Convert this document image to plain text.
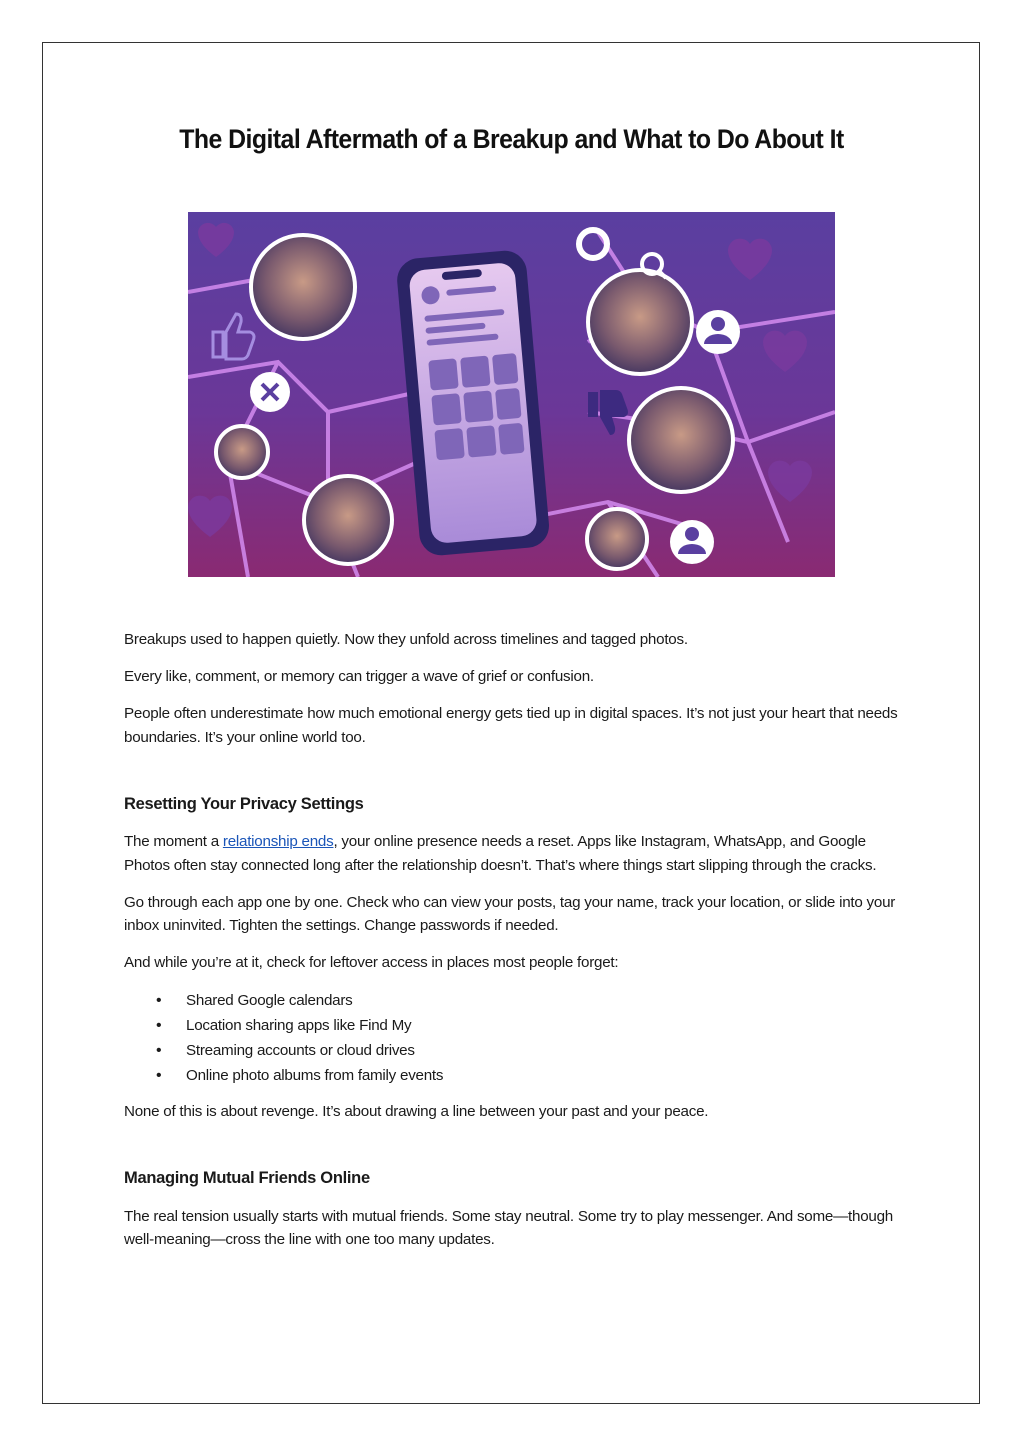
The Digital Aftermath of a Breakup and What to Do About It

Breakups used to happen quietly. Now they unfold across timelines and tagged photos.

Every like, comment, or memory can trigger a wave of grief or confusion.

People often underestimate how much emotional energy gets tied up in digital spaces. It’s not just your heart that needs boundaries. It’s your online world too.

Resetting Your Privacy Settings

The moment a relationship ends, your online presence needs a reset. Apps like Instagram, WhatsApp, and Google Photos often stay connected long after the relationship doesn’t. That’s where things start slipping through the cracks.

Go through each app one by one. Check who can view your posts, tag your name, track your location, or slide into your inbox uninvited. Tighten the settings. Change passwords if needed.

And while you’re at it, check for leftover access in places most people forget:

• Shared Google calendars
• Location sharing apps like Find My
• Streaming accounts or cloud drives
• Online photo albums from family events

None of this is about revenge. It’s about drawing a line between your past and your peace.

Managing Mutual Friends Online

The real tension usually starts with mutual friends. Some stay neutral. Some try to play messenger. And some—though well-meaning—cross the line with one too many updates.
